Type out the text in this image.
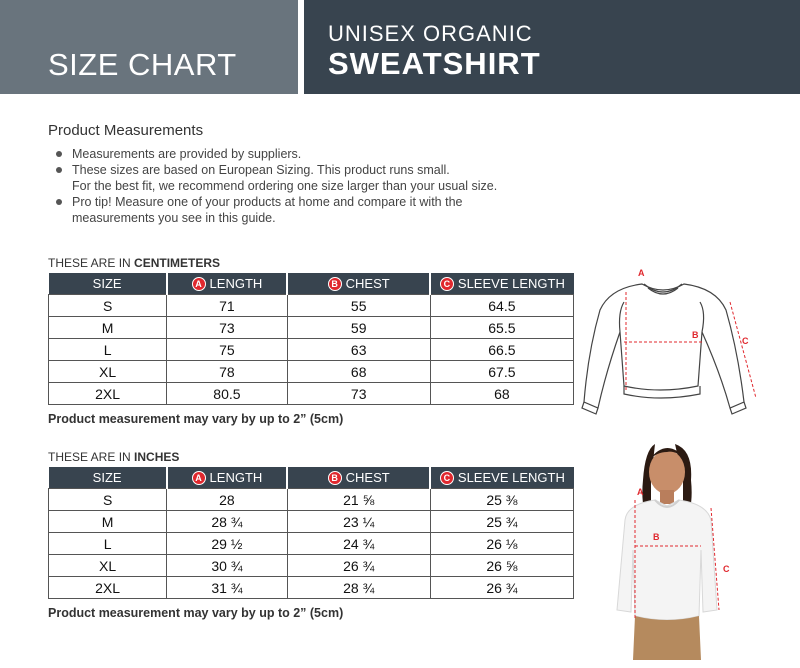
SIZE CHART
UNISEX ORGANIC
SWEATSHIRT
Product Measurements
Measurements are provided by suppliers.
These sizes are based on European Sizing. This product runs small.
For the best fit, we recommend ordering one size larger than your usual size.
Pro tip! Measure one of your products at home and compare it with the
measurements you see in this guide.
THESE ARE IN CENTIMETERS
SIZE	A LENGTH	B CHEST	C SLEEVE LENGTH
S	71	55	64.5
M	73	59	65.5
L	75	63	66.5
XL	78	68	67.5
2XL	80.5	73	68
Product measurement may vary by up to 2” (5cm)
THESE ARE IN INCHES
SIZE	A LENGTH	B CHEST	C SLEEVE LENGTH
S	28	21 ⅝	25 ⅜
M	28 ¾	23 ¼	25 ¾
L	29 ½	24 ¾	26 ⅛
XL	30 ¾	26 ¾	26 ⅝
2XL	31 ¾	28 ¾	26 ¾
Product measurement may vary by up to 2” (5cm)
A
B
C
A
B
C
